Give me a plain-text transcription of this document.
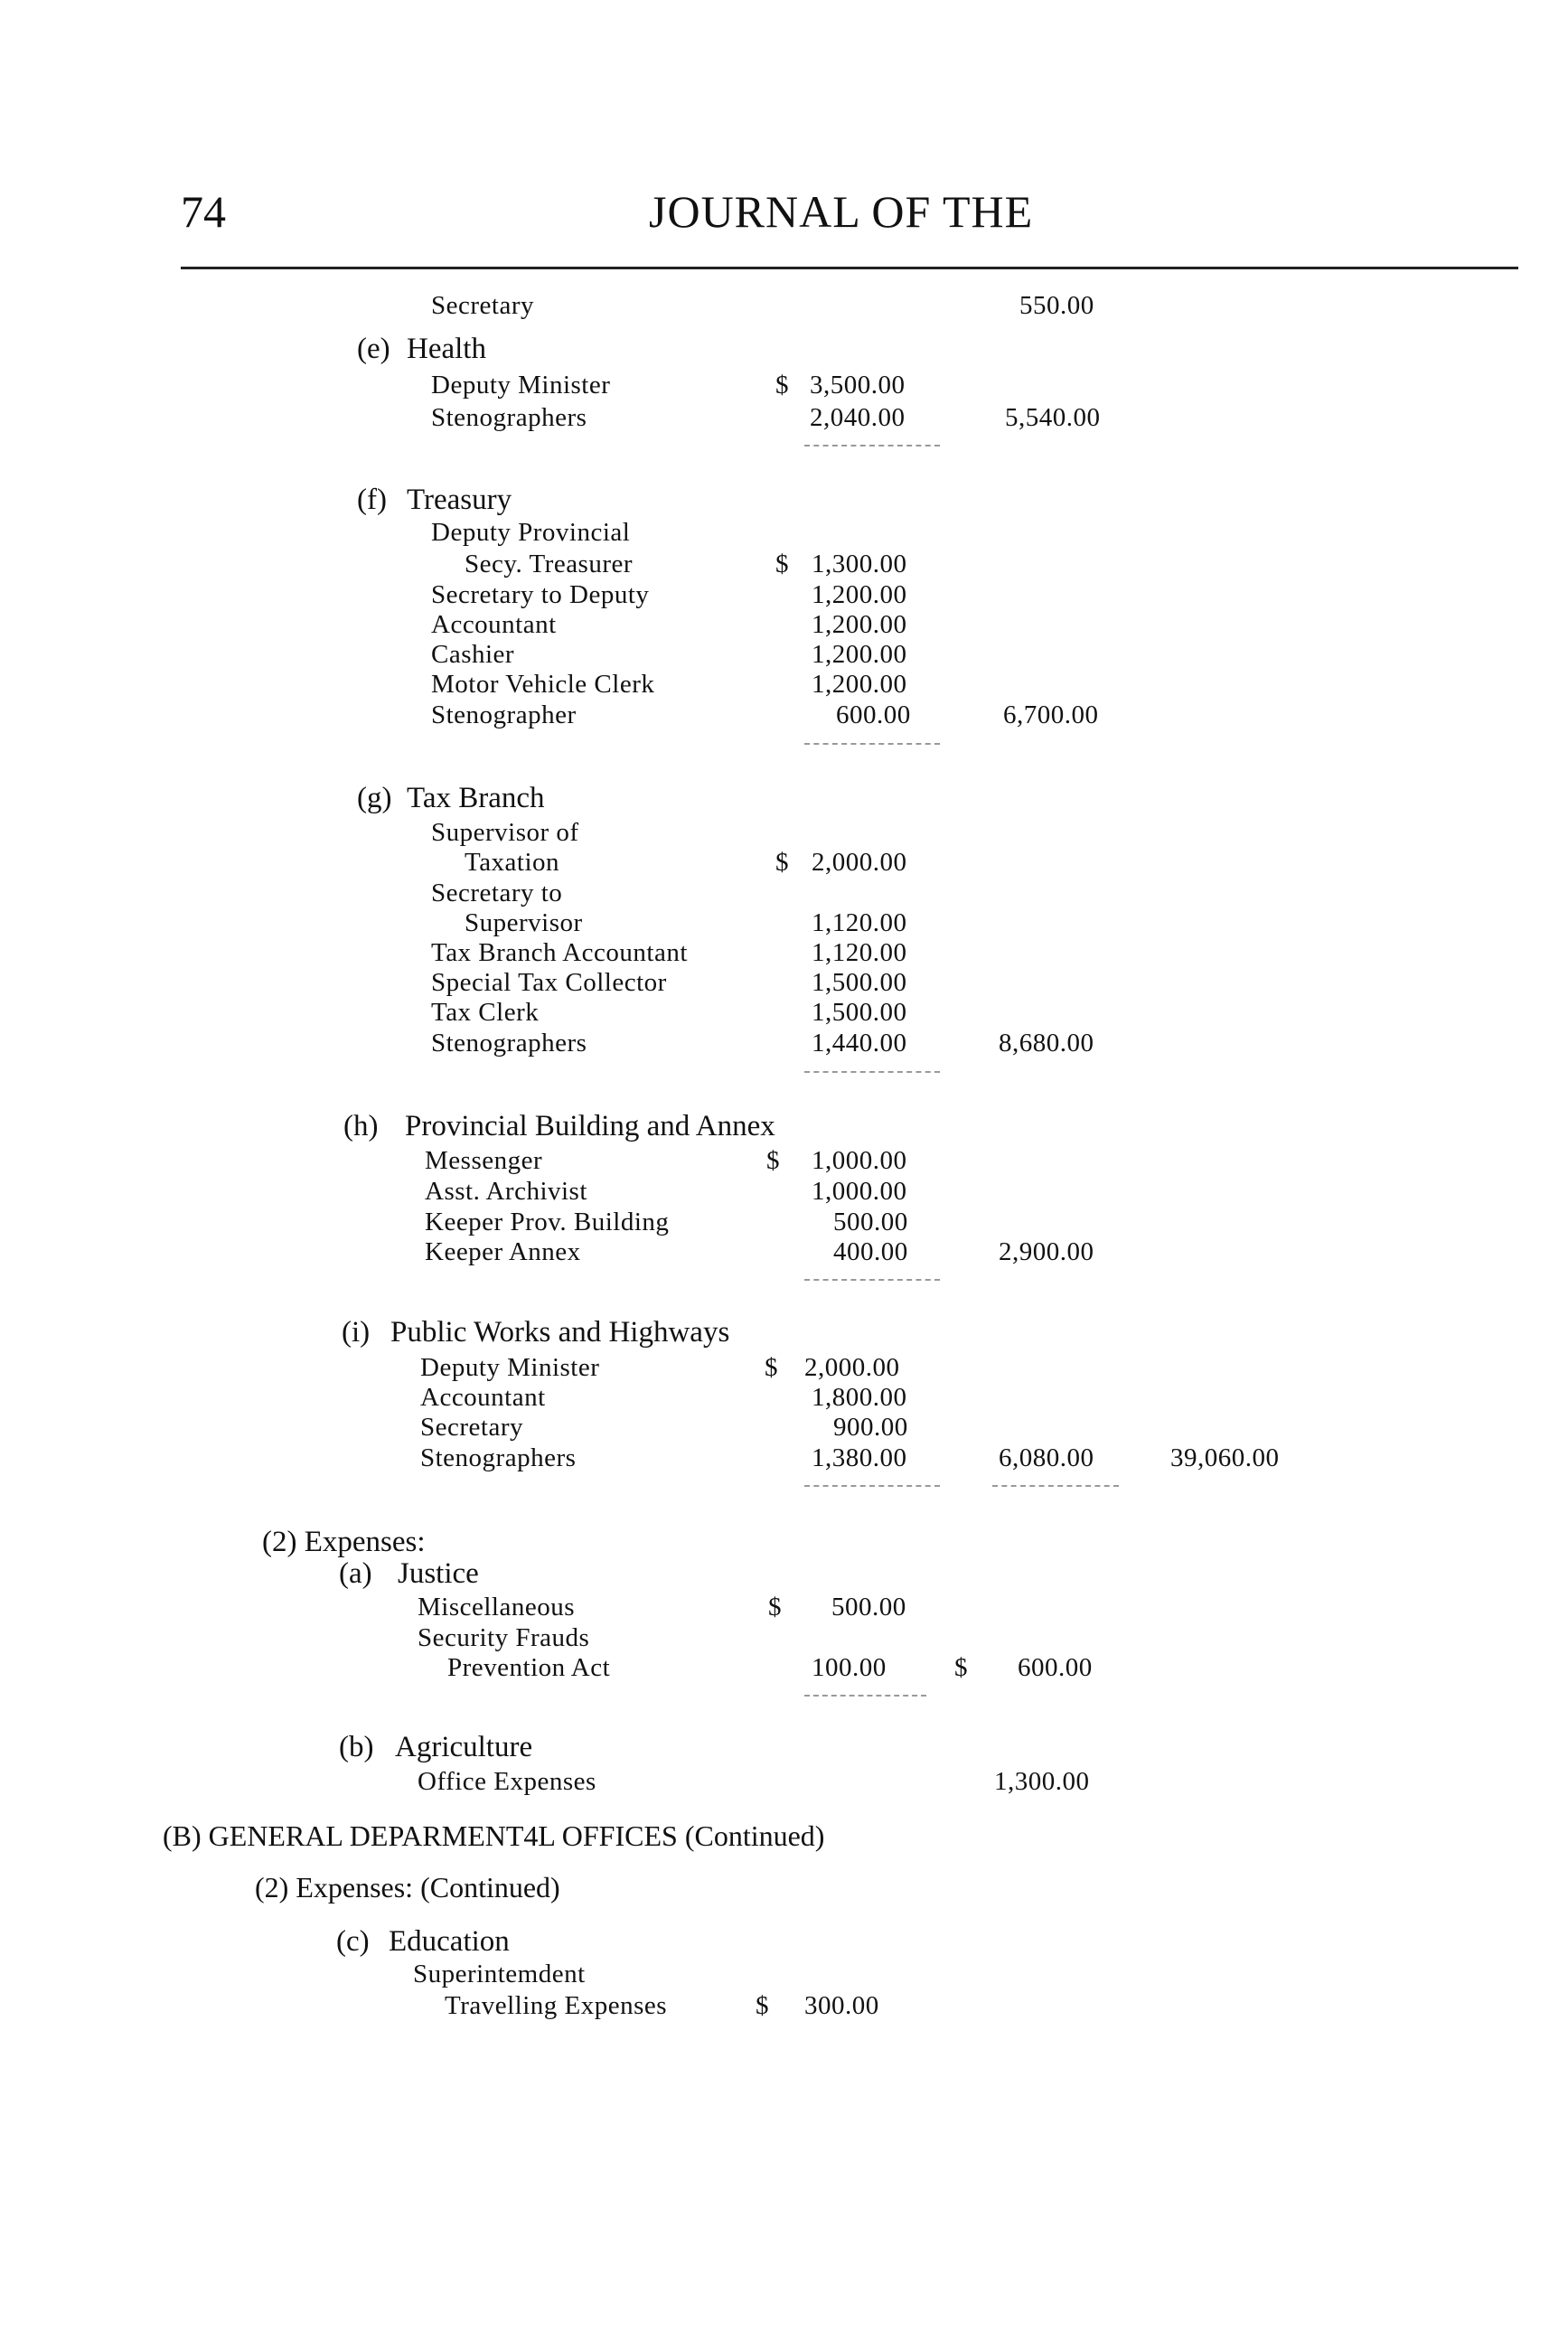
74	JOURNAL OF THE
Secretary	550.00
(e) Health
Deputy Minister	$ 3,500.00
Stenographers	2,040.00	5,540.00
(f) Treasury
Deputy Provincial
Secy. Treasurer	$ 1,300.00
Secretary to Deputy	1,200.00
Accountant	1,200.00
Cashier	1,200.00
Motor Vehicle Clerk	1,200.00
Stenographer	600.00	6,700.00
(g) Tax Branch
Supervisor of
Taxation	$ 2,000.00
Secretary to
Supervisor	1,120.00
Tax Branch Accountant	1,120.00
Special Tax Collector	1,500.00
Tax Clerk	1,500.00
Stenographers	1,440.00	8,680.00
(h) Provincial Building and Annex
Messenger	$ 1,000.00
Asst. Archivist	1,000.00
Keeper Prov. Building	500.00
Keeper Annex	400.00	2,900.00
(i) Public Works and Highways
Deputy Minister	$ 2,000.00
Accountant	1,800.00
Secretary	900.00
Stenographers	1,380.00	6,080.00	39,060.00
(2) Expenses:
(a) Justice
Miscellaneous	$ 500.00
Security Frauds
Prevention Act	100.00	$ 600.00
(b) Agriculture
Office Expenses	1,300.00
(B) GENERAL DEPARMENT4L OFFICES (Continued)
(2) Expenses: (Continued)
(c) Education
Superintemdent
Travelling Expenses	$ 300.00
